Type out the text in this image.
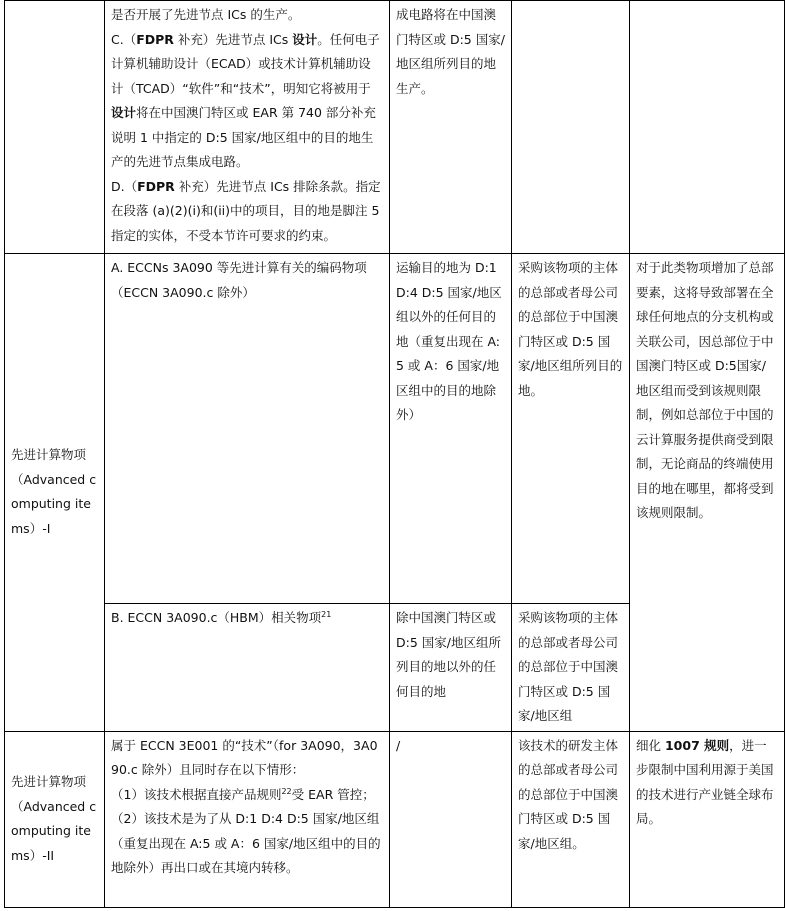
	是否开展了先进节点 ICs 的生产。
C.（FDPR 补充）先进节点 ICs 设计。任何电子计算机辅助设计（ECAD）或技术计算机辅助设计（TCAD）“软件”和“技术”，明知它将被用于设计将在中国澳门特区或 EAR 第 740 部分补充说明 1 中指定的 D:5 国家/地区组中的目的地生产的先进节点集成电路。
D.（FDPR 补充）先进节点 ICs 排除条款。指定在段落 (a)(2)(i)和(ii)中的项目，目的地是脚注 5 指定的实体，不受本节许可要求的约束。	成电路将在中国澳门特区或 D:5 国家/地区组所列目的地生产。		
先进计算物项（Advanced computing items）-I	A. ECCNs 3A090 等先进计算有关的编码物项（ECCN 3A090.c 除外）	运输目的地为 D:1 D:4 D:5 国家/地区组以外的任何目的地（重复出现在 A:5 或 A：6 国家/地区组中的目的地除外）	采购该物项的主体的总部或者母公司的总部位于中国澳门特区或 D:5 国家/地区组所列目的地。	对于此类物项增加了总部要素，这将导致部署在全球任何地点的分支机构或关联公司，因总部位于中国澳门特区或 D:5国家/地区组而受到该规则限制，例如总部位于中国的云计算服务提供商受到限制，无论商品的终端使用目的地在哪里，都将受到该规则限制。
	B. ECCN 3A090.c（HBM）相关物项$^{21}$	除中国澳门特区或 D:5 国家/地区组所列目的地以外的任何目的地	采购该物项的主体的总部或者母公司的总部位于中国澳门特区或 D:5 国家/地区组	
先进计算物项（Advanced computing items）-II	属于 ECCN 3E001 的“技术”（for 3A090，3A090.c 除外）且同时存在以下情形：
（1）该技术根据直接产品规则$^{22}$受 EAR 管控；
（2）该技术是为了从 D:1 D:4 D:5 国家/地区组（重复出现在 A:5 或 A：6 国家/地区组中的目的地除外）再出口或在其境内转移。	/	该技术的研发主体的总部或者母公司的总部位于中国澳门特区或 D:5 国家/地区组。	细化 1007 规则，进一步限制中国利用源于美国的技术进行产业链全球布局。
